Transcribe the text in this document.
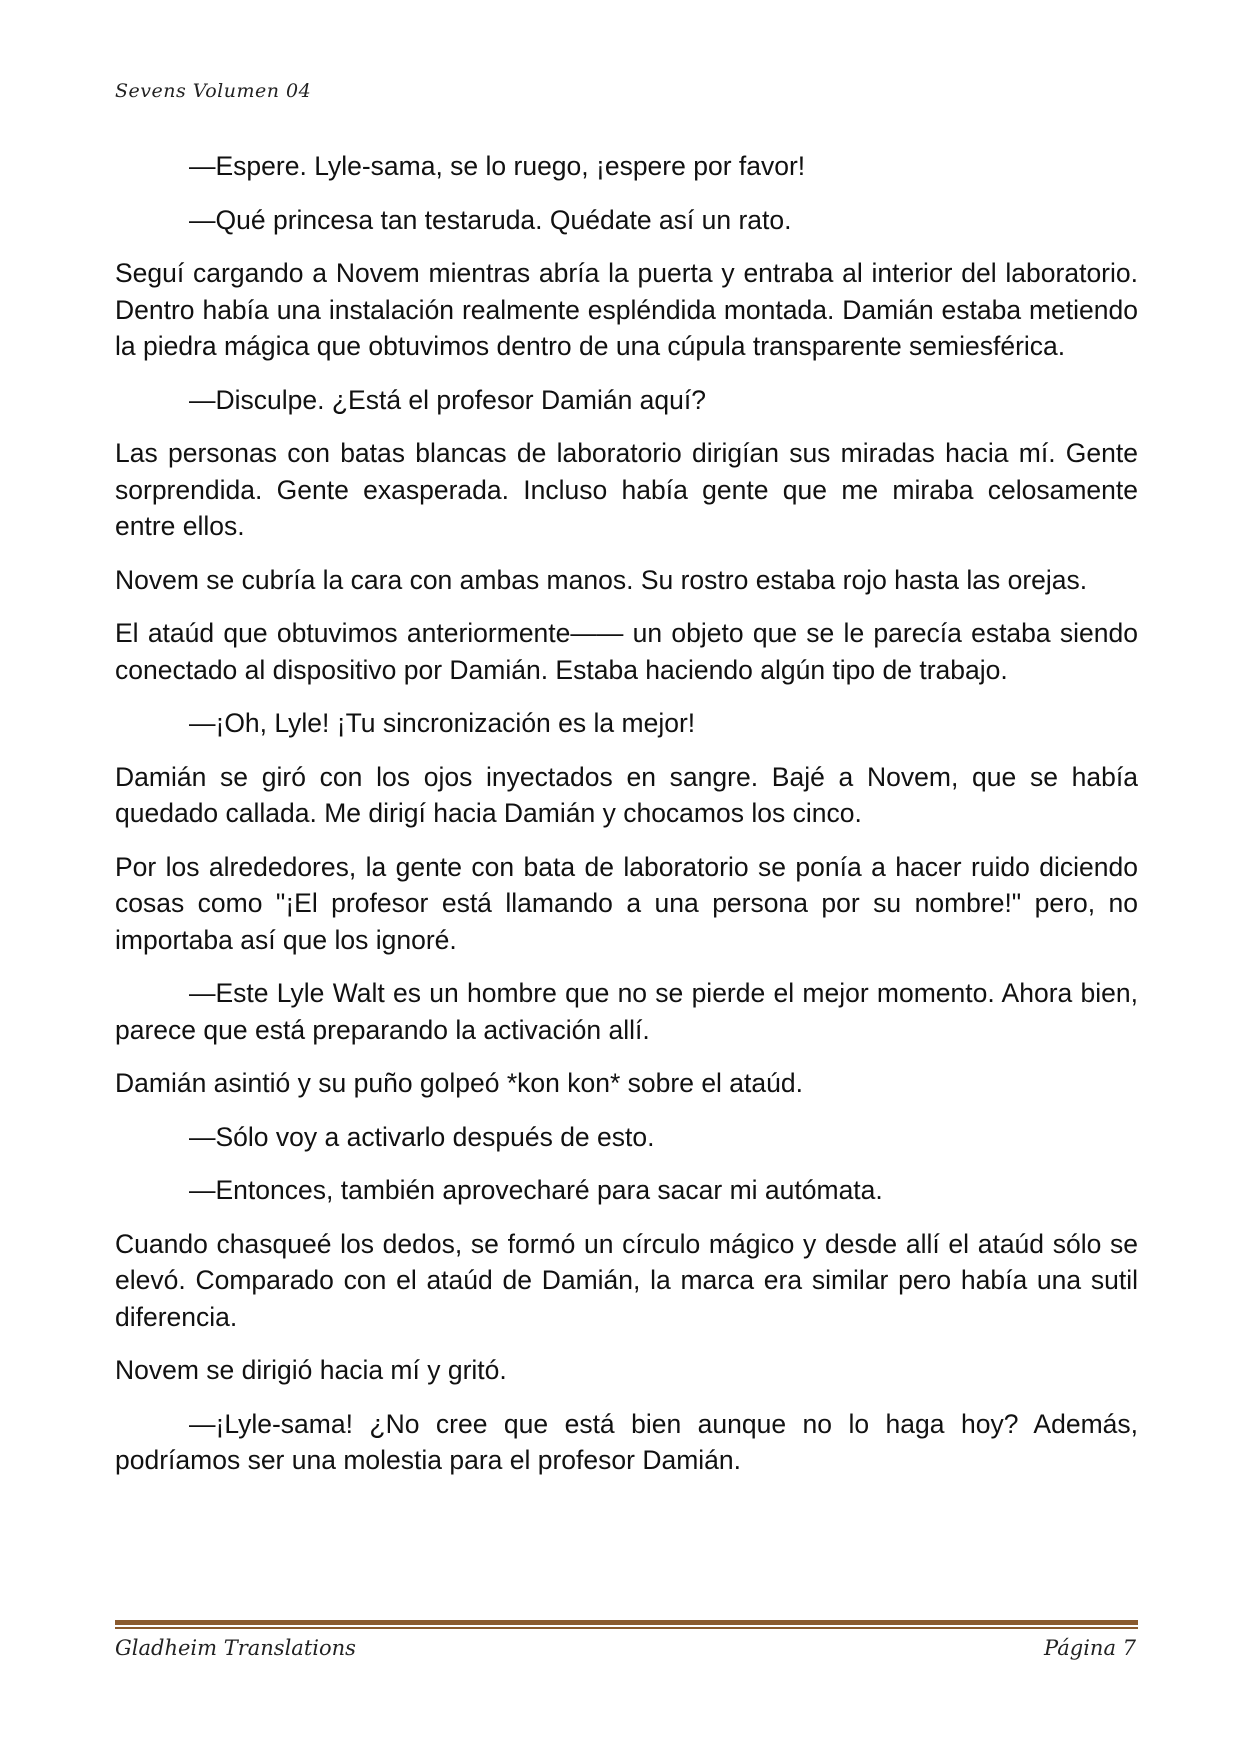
Sevens Volumen 04

—Espere. Lyle-sama, se lo ruego, ¡espere por favor!

—Qué princesa tan testaruda. Quédate así un rato.

Seguí cargando a Novem mientras abría la puerta y entraba al interior del laboratorio. Dentro había una instalación realmente espléndida montada. Damián estaba metiendo la piedra mágica que obtuvimos dentro de una cúpula transparente semiesférica.

—Disculpe. ¿Está el profesor Damián aquí?

Las personas con batas blancas de laboratorio dirigían sus miradas hacia mí. Gente sorprendida. Gente exasperada. Incluso había gente que me miraba celosamente entre ellos.

Novem se cubría la cara con ambas manos. Su rostro estaba rojo hasta las orejas.

El ataúd que obtuvimos anteriormente—— un objeto que se le parecía estaba siendo conectado al dispositivo por Damián. Estaba haciendo algún tipo de trabajo.

—¡Oh, Lyle! ¡Tu sincronización es la mejor!

Damián se giró con los ojos inyectados en sangre. Bajé a Novem, que se había quedado callada. Me dirigí hacia Damián y chocamos los cinco.

Por los alrededores, la gente con bata de laboratorio se ponía a hacer ruido diciendo cosas como "¡El profesor está llamando a una persona por su nombre!" pero, no importaba así que los ignoré.

—Este Lyle Walt es un hombre que no se pierde el mejor momento. Ahora bien, parece que está preparando la activación allí.

Damián asintió y su puño golpeó *kon kon* sobre el ataúd.

—Sólo voy a activarlo después de esto.

—Entonces, también aprovecharé para sacar mi autómata.

Cuando chasqueé los dedos, se formó un círculo mágico y desde allí el ataúd sólo se elevó. Comparado con el ataúd de Damián, la marca era similar pero había una sutil diferencia.

Novem se dirigió hacia mí y gritó.

—¡Lyle-sama! ¿No cree que está bien aunque no lo haga hoy? Además, podríamos ser una molestia para el profesor Damián.

Gladheim Translations	Página 7
